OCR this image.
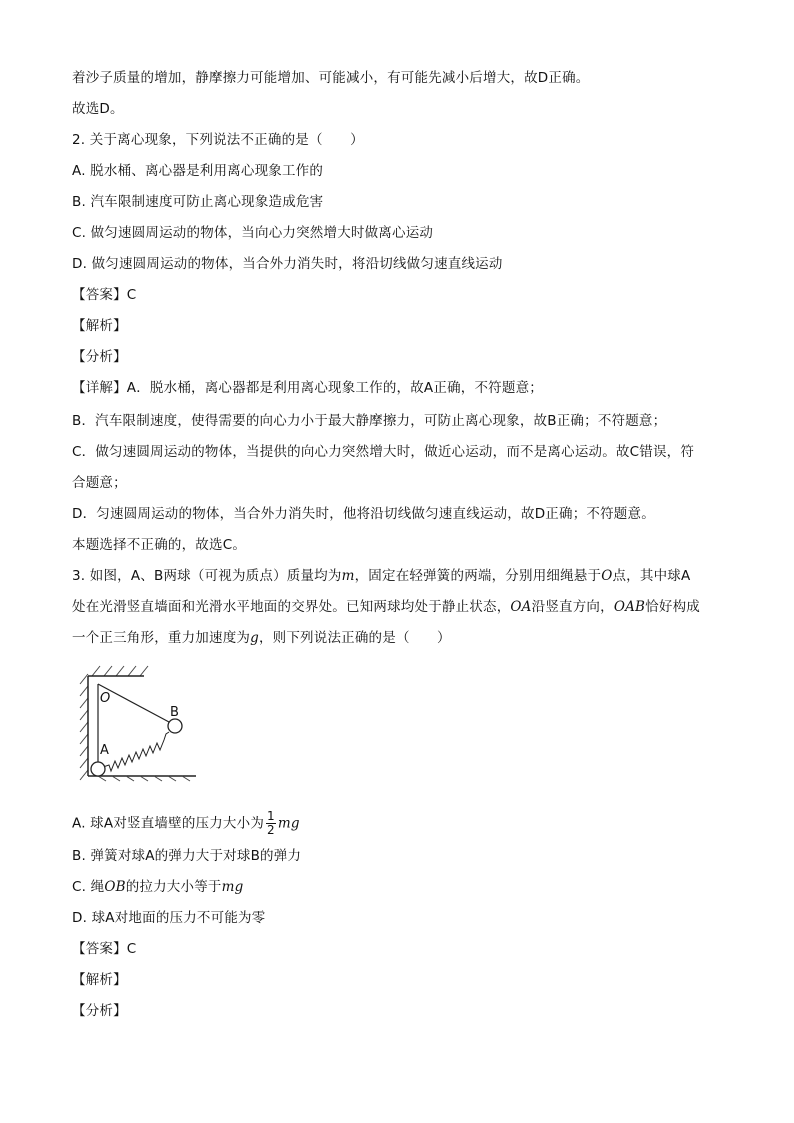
着沙子质量的增加，静摩擦力可能增加、可能减小，有可能先减小后增大，故D正确。
故选D。
2. 关于离心现象，下列说法不正确的是（　　）
A. 脱水桶、离心器是利用离心现象工作的
B. 汽车限制速度可防止离心现象造成危害
C. 做匀速圆周运动的物体，当向心力突然增大时做离心运动
D. 做匀速圆周运动的物体，当合外力消失时，将沿切线做匀速直线运动
【答案】C
【解析】
【分析】
【详解】A．脱水桶，离心器都是利用离心现象工作的，故A正确，不符题意；
B．汽车限制速度，使得需要的向心力小于最大静摩擦力，可防止离心现象，故B正确；不符题意；
C．做匀速圆周运动的物体，当提供的向心力突然增大时，做近心运动，而不是离心运动。故C错误，符
合题意；
D．匀速圆周运动的物体，当合外力消失时，他将沿切线做匀速直线运动，故D正确；不符题意。
本题选择不正确的，故选C。
3. 如图，A、B两球（可视为质点）质量均为m，固定在轻弹簧的两端，分别用细绳悬于O点，其中球A
处在光滑竖直墙面和光滑水平地面的交界处。已知两球均处于静止状态，OA沿竖直方向，OAB恰好构成
一个正三角形，重力加速度为g，则下列说法正确的是（　　）
O
A
B
A. 球A对竖直墙壁的压力大小为 $\frac{1}{2}$ mg
B. 弹簧对球A的弹力大于对球B的弹力
C. 绳OB的拉力大小等于mg
D. 球A对地面的压力不可能为零
【答案】C
【解析】
【分析】
